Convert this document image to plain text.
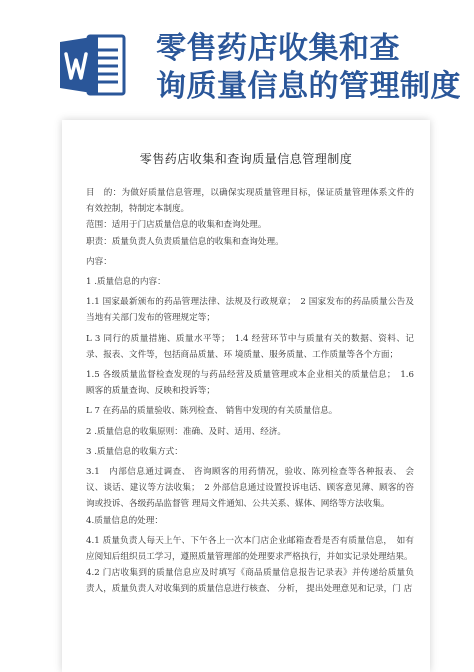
零售药店收集和查
询质量信息的管理制度
零售药店收集和查询质量信息管理制度

目　的：为做好质量信息管理，以确保实现质量管理目标，保证质量管理体系文件的 有效控制，特制定本制度。

范围：适用于门店质量信息的收集和查询处理。

职责：质量负责人负责质量信息的收集和查询处理。

内容：

1 .质量信息的内容：

1.1 国家最新颁布的药品管理法律、法规及行政规章；　2 国家发布的药品质量公告及当地有关部门发布的管理规定等；

L 3 同行的质量措施、质量水平等；　1.4 经营环节中与质量有关的数据、资料、记录、报表、文件等，包括商品质量、环 境质量、服务质量、工作质量等各个方面；

1.5 各级质量监督检查发现的与药品经营及质量管理或本企业相关的质量信息；　1.6 顾客的质量查询、反映和投诉等；

L 7 在药品的质量验收、陈列检查、 销售中发现的有关质量信息。

2 .质量信息的收集原则：准确、及时、适用、经济。

3 .质量信息的收集方式：

3.1　内部信息通过调查、 咨询顾客的用药情况，验收、陈列检查等各种报表、 会议、谈话、建议等方法收集；　2 外部信息通过设置投诉电话、顾客意见薄、顾客的咨询或投诉、各级药品监督管 理局文件通知、公共关系、媒体、网络等方法收集。

4.质量信息的处理：

4.1 质量负责人每天上午、下午各上一次本门店企业邮箱查看是否有质量信息，　如有应阅知后组织员工学习，遵照质量管理部的处理要求严格执行，并如实记录处理结果。

4.2 门店收集到的质量信息应及时填写《商品质量信息报告记录表》并传递给质量负 责人，质量负责人对收集到的质量信息进行核查、 分析， 提出处理意见和记录，门 店
